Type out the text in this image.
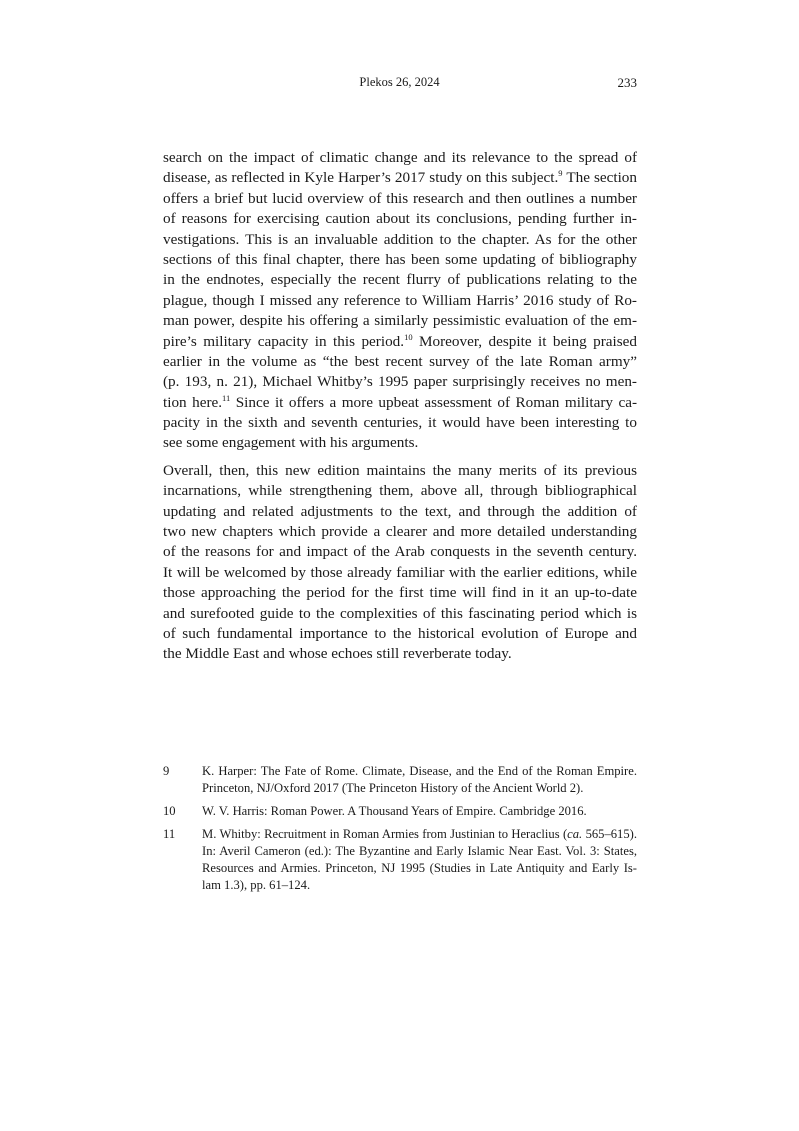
Plekos 26, 2024	233
search on the impact of climatic change and its relevance to the spread of
disease, as reflected in Kyle Harper’s 2017 study on this subject.$^9$ The section
offers a brief but lucid overview of this research and then outlines a number
of reasons for exercising caution about its conclusions, pending further in-
vestigations. This is an invaluable addition to the chapter. As for the other
sections of this final chapter, there has been some updating of bibliography
in the endnotes, especially the recent flurry of publications relating to the
plague, though I missed any reference to William Harris’ 2016 study of Ro-
man power, despite his offering a similarly pessimistic evaluation of the em-
pire’s military capacity in this period.$^{10}$ Moreover, despite it being praised
earlier in the volume as “the best recent survey of the late Roman army”
(p. 193, n. 21), Michael Whitby’s 1995 paper surprisingly receives no men-
tion here.$^{11}$ Since it offers a more upbeat assessment of Roman military ca-
pacity in the sixth and seventh centuries, it would have been interesting to
see some engagement with his arguments.
Overall, then, this new edition maintains the many merits of its previous
incarnations, while strengthening them, above all, through bibliographical
updating and related adjustments to the text, and through the addition of
two new chapters which provide a clearer and more detailed understanding
of the reasons for and impact of the Arab conquests in the seventh century.
It will be welcomed by those already familiar with the earlier editions, while
those approaching the period for the first time will find in it an up-to-date
and surefooted guide to the complexities of this fascinating period which is
of such fundamental importance to the historical evolution of Europe and
the Middle East and whose echoes still reverberate today.
9	K. Harper: The Fate of Rome. Climate, Disease, and the End of the Roman Empire.
Princeton, NJ/Oxford 2017 (The Princeton History of the Ancient World 2).
10	W. V. Harris: Roman Power. A Thousand Years of Empire. Cambridge 2016.
11	M. Whitby: Recruitment in Roman Armies from Justinian to Heraclius (ca. 565–615).
In: Averil Cameron (ed.): The Byzantine and Early Islamic Near East. Vol. 3: States,
Resources and Armies. Princeton, NJ 1995 (Studies in Late Antiquity and Early Is-
lam 1.3), pp. 61–124.
